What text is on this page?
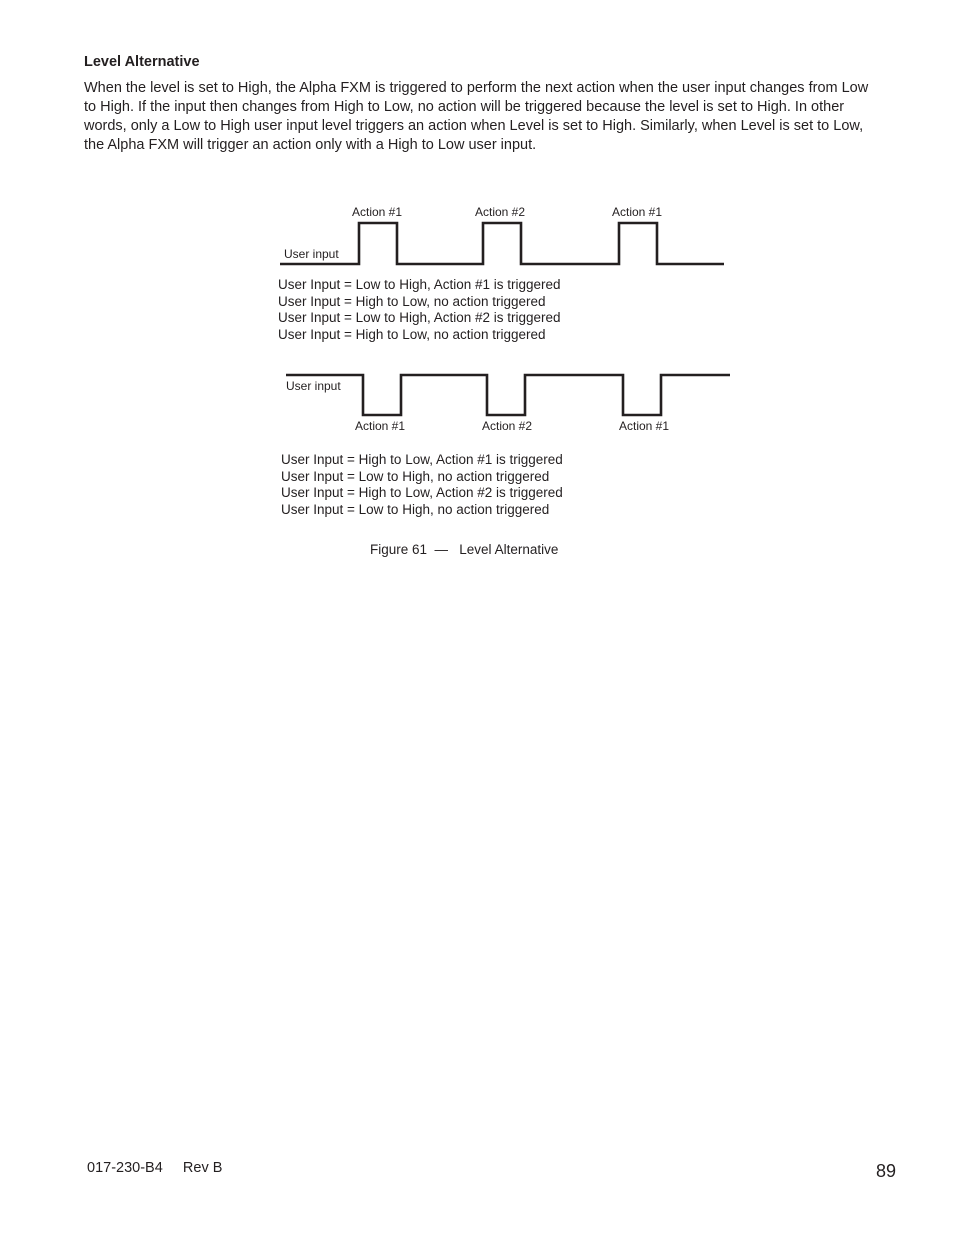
Level Alternative

When the level is set to High, the Alpha FXM is triggered to perform the next action when the user input changes from Low to High. If the input then changes from High to Low, no action will be triggered because the level is set to High. In other words, only a Low to High user input level triggers an action when Level is set to High. Similarly, when Level is set to Low, the Alpha FXM will trigger an action only with a High to Low user input.

Action #1	Action #2	Action #1
User input
User Input = Low to High, Action #1 is triggered
User Input = High to Low, no action triggered
User Input = Low to High, Action #2 is triggered
User Input = High to Low, no action triggered
User input
Action #1	Action #2	Action #1
User Input = High to Low, Action #1 is triggered
User Input = Low to High, no action triggered
User Input = High to Low, Action #2 is triggered
User Input = Low to High, no action triggered
Figure 61  —   Level Alternative
017-230-B4     Rev B	89
